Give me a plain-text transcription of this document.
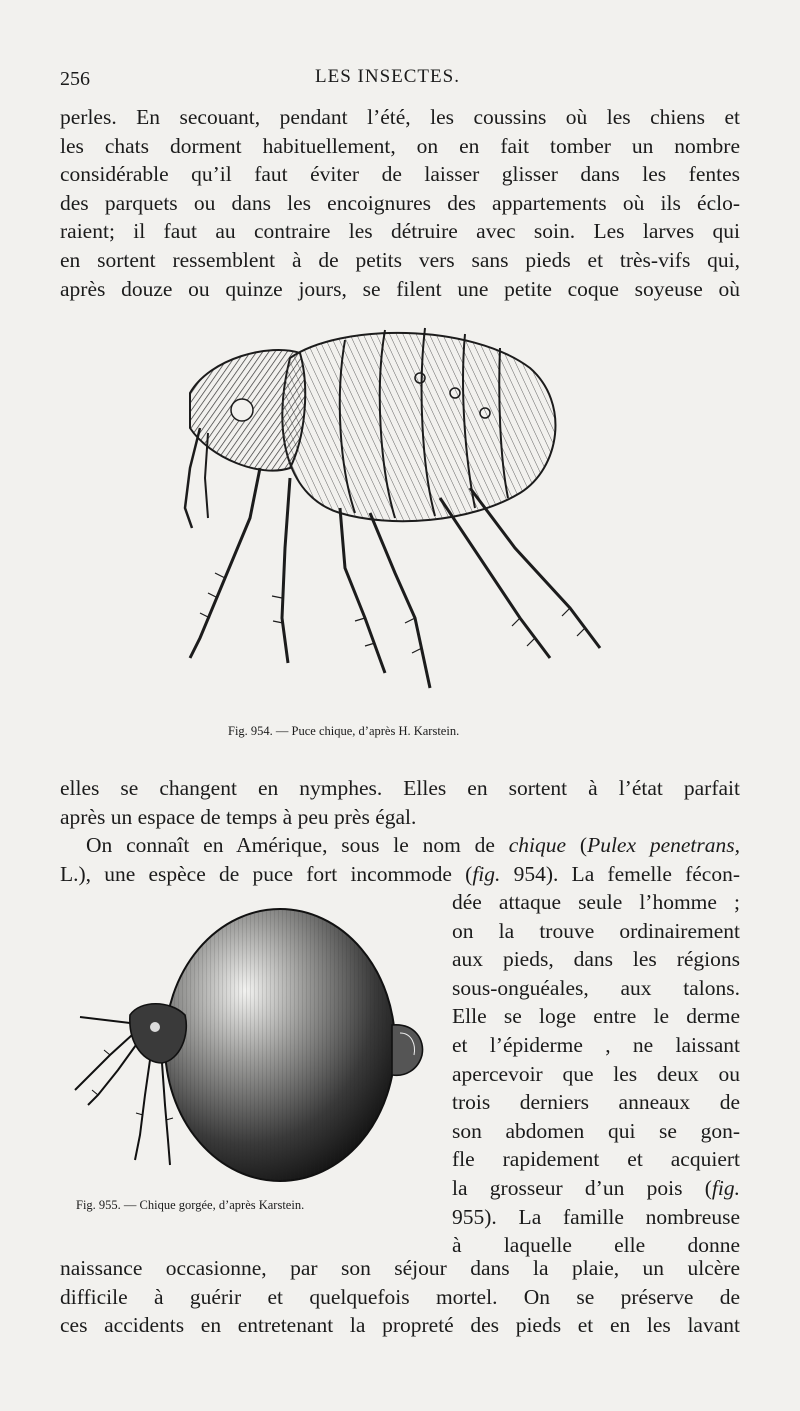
256	LES INSECTES.
perles. En secouant, pendant l’été, les coussins où les chiens et
les chats dorment habituellement, on en fait tomber un nombre
considérable qu’il faut éviter de laisser glisser dans les fentes
des parquets ou dans les encoignures des appartements où ils éclo-
raient; il faut au contraire les détruire avec soin. Les larves qui
en sortent ressemblent à de petits vers sans pieds et très-vifs qui,
après douze ou quinze jours, se filent une petite coque soyeuse où
Fig. 954. — Puce chique, d’après H. Karstein.
elles se changent en nymphes. Elles en sortent à l’état parfait
après un espace de temps à peu près égal.
On connaît en Amérique, sous le nom de chique (Pulex penetrans,
L.), une espèce de puce fort incommode (fig. 954). La femelle fécon-
dée attaque seule l’homme ;
on la trouve ordinairement
aux pieds, dans les régions
sous-onguéales, aux talons.
Elle se loge entre le derme
et l’épiderme , ne laissant
apercevoir que les deux ou
trois derniers anneaux de
son abdomen qui se gon-
fle rapidement et acquiert
la grosseur d’un pois (fig.
955). La famille nombreuse
à laquelle elle donne
Fig. 955. — Chique gorgée, d’après Karstein.
naissance occasionne, par son séjour dans la plaie, un ulcère
difficile à guérir et quelquefois mortel. On se préserve de
ces accidents en entretenant la propreté des pieds et en les lavant
